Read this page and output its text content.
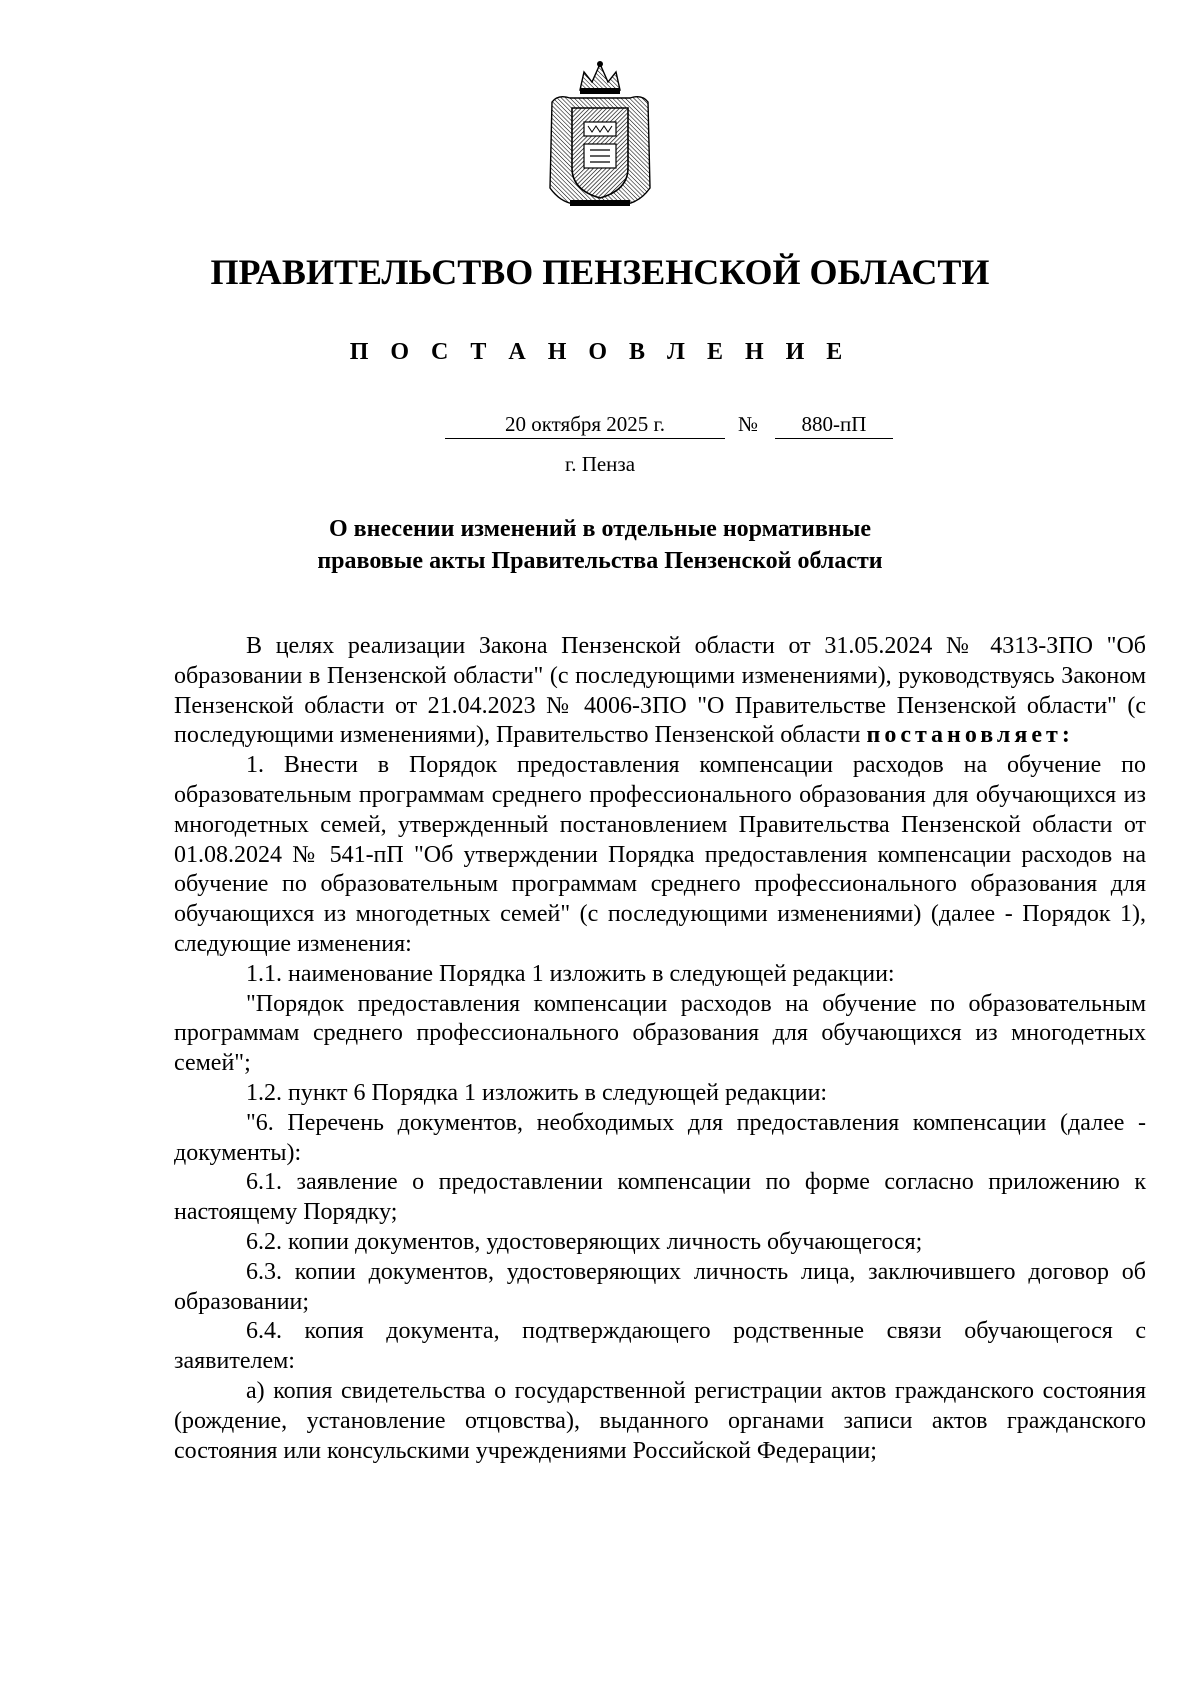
ПРАВИТЕЛЬСТВО ПЕНЗЕНСКОЙ ОБЛАСТИ
П О С Т А Н О В Л Е Н И Е
20 октября 2025 г.	№	880-пП
г. Пенза
О внесении изменений в отдельные нормативные
правовые акты Правительства Пензенской области

В целях реализации Закона Пензенской области от 31.05.2024 № 4313-ЗПО "Об образовании в Пензенской области" (с последующими изменениями), руководствуясь Законом Пензенской области от 21.04.2023 № 4006-ЗПО "О Правительстве Пензенской области" (с последующими изменениями), Правительство Пензенской области постановляет:

1. Внести в Порядок предоставления компенсации расходов на обучение по образовательным программам среднего профессионального образования для обучающихся из многодетных семей, утвержденный постановлением Правительства Пензенской области от 01.08.2024 № 541-пП "Об утверждении Порядка предоставления компенсации расходов на обучение по образовательным программам среднего профессионального образования для обучающихся из многодетных семей" (с последующими изменениями) (далее - Порядок 1), следующие изменения:

1.1. наименование Порядка 1 изложить в следующей редакции:

"Порядок предоставления компенсации расходов на обучение по образовательным программам среднего профессионального образования для обучающихся из многодетных семей";

1.2. пункт 6 Порядка 1 изложить в следующей редакции:

"6. Перечень документов, необходимых для предоставления компенсации (далее - документы):

6.1. заявление о предоставлении компенсации по форме согласно приложению к настоящему Порядку;

6.2. копии документов, удостоверяющих личность обучающегося;

6.3. копии документов, удостоверяющих личность лица, заключившего договор об образовании;

6.4. копия документа, подтверждающего родственные связи обучающегося с заявителем:

а) копия свидетельства о государственной регистрации актов гражданского состояния (рождение, установление отцовства), выданного органами записи актов гражданского состояния или консульскими учреждениями Российской Федерации;
